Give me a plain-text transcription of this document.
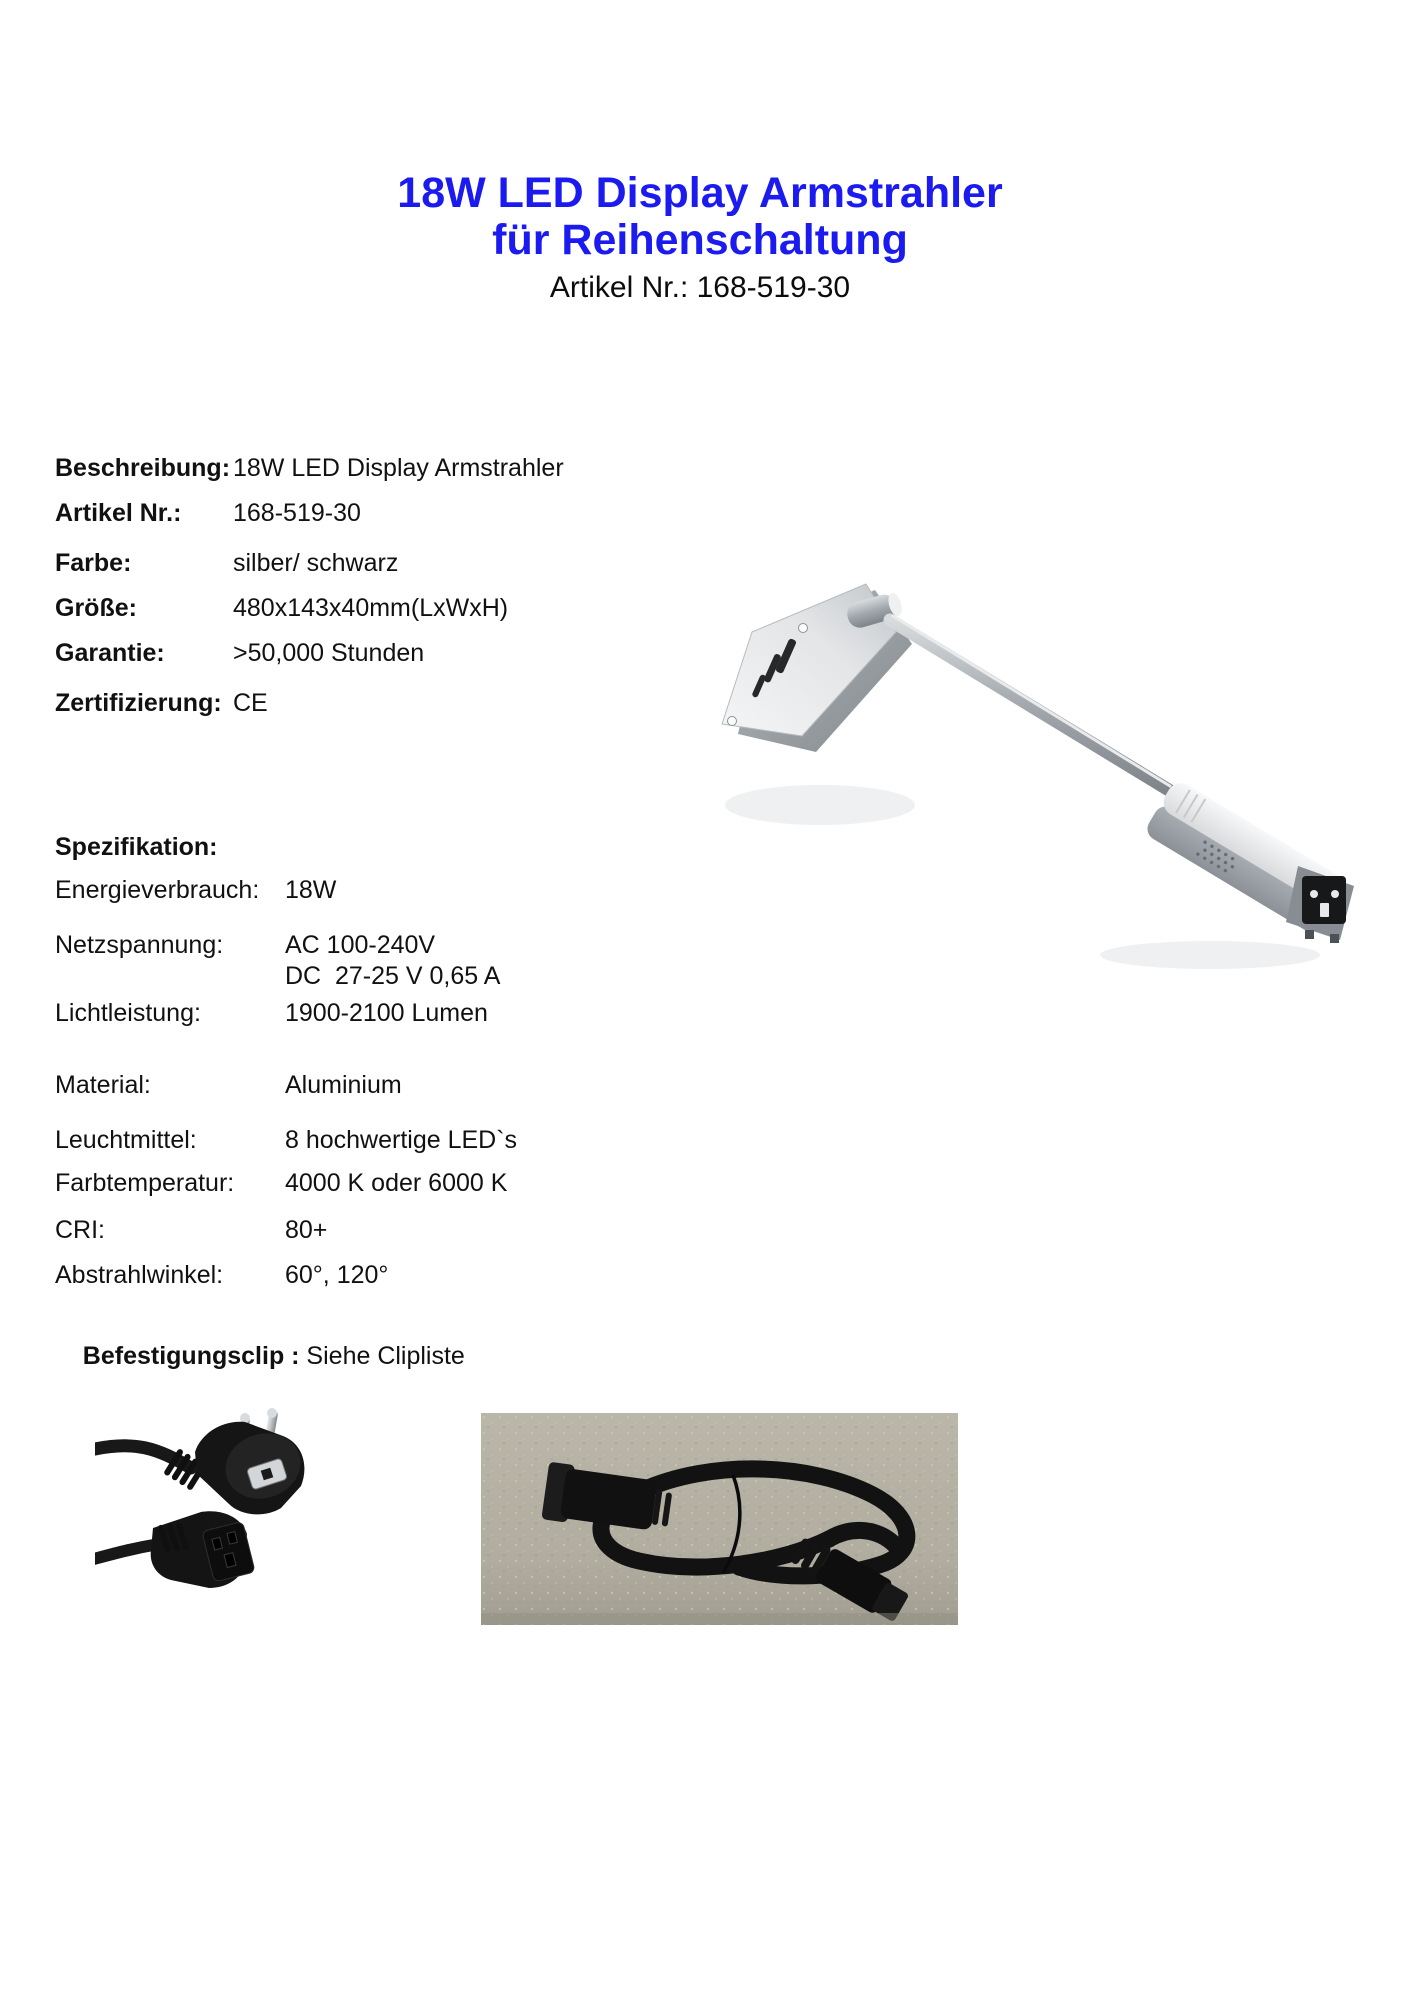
18W LED Display Armstrahler
für Reihenschaltung
Artikel Nr.: 168-519-30
Beschreibung: 18W LED Display Armstrahler
Artikel Nr.: 168-519-30
Farbe:	silber/ schwarz
Größe:	480x143x40mm(LxWxH)
Garantie:	>50,000 Stunden
Zertifizierung: CE
Spezifikation:
Energieverbrauch: 18W
Netzspannung: AC 100-240V
DC  27-25 V 0,65 A
Lichtleistung:	1900-2100 Lumen
Material:	Aluminium
Leuchtmittel:	8 hochwertige LED`s
Farbtemperatur: 4000 K oder 6000 K
CRI:	80+
Abstrahlwinkel: 60°, 120°

Befestigungsclip : Siehe Clipliste
